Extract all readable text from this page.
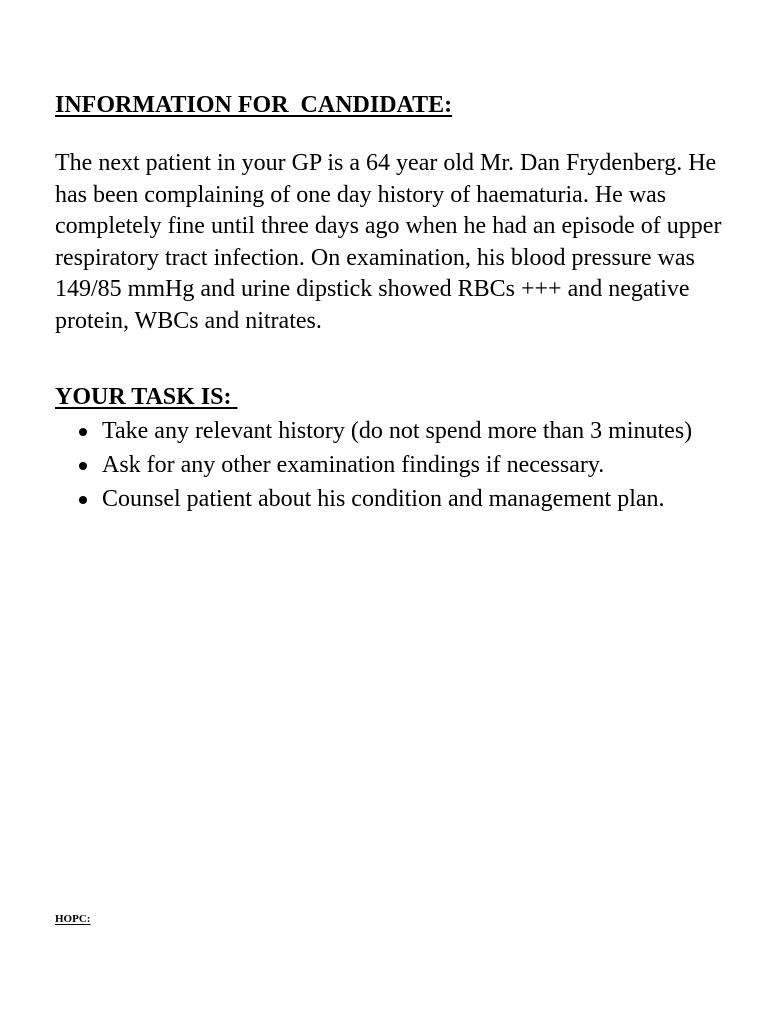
INFORMATION FOR  CANDIDATE:

The next patient in your GP is a 64 year old Mr. Dan Frydenberg. He has been complaining of one day history of haematuria. He was completely fine until three days ago when he had an episode of upper respiratory tract infection. On examination, his blood pressure was 149/85 mmHg and urine dipstick showed RBCs +++ and negative protein, WBCs and nitrates.

YOUR TASK IS:
Take any relevant history (do not spend more than 3 minutes)
Ask for any other examination findings if necessary.
Counsel patient about his condition and management plan.
HOPC:
